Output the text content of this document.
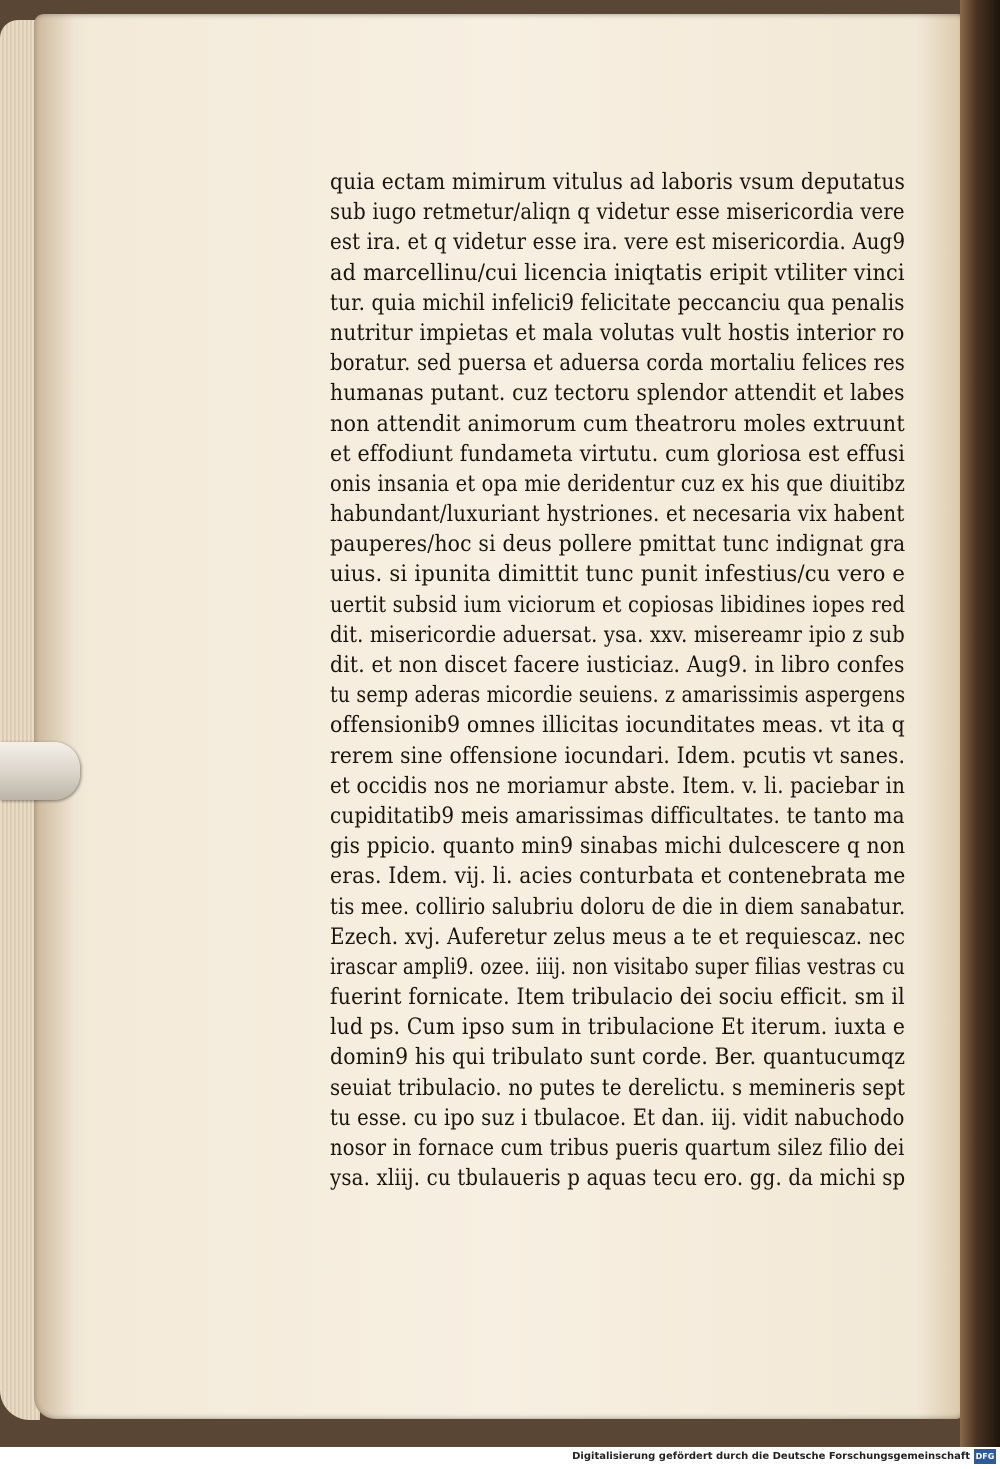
quia ectam mimirum vitulus ad laboris vsum deputatus
sub iugo retmetur/aliqn q videtur esse misericordia vere
est ira. et q videtur esse ira. vere est misericordia. Aug9
ad marcellinu/cui licencia iniqtatis eripit vtiliter vinci
tur. quia michil infelici9 felicitate peccanciu qua penalis
nutritur impietas et mala volutas vult hostis interior ro
boratur. sed puersa et aduersa corda mortaliu felices res
humanas putant. cuz tectoru splendor attendit et labes
non attendit animorum cum theatroru moles extruunt
et effodiunt fundameta virtutu. cum gloriosa est effusi
onis insania et opa mie deridentur cuz ex his que diuitibz
habundant/luxuriant hystriones. et necesaria vix habent
pauperes/hoc si deus pollere pmittat tunc indignat gra
uius. si ipunita dimittit tunc punit infestius/cu vero e
uertit subsid ium viciorum et copiosas libidines iopes red
dit. misericordie aduersat. ysa. xxv. misereamr ipio z sub
dit. et non discet facere iusticiaz. Aug9. in libro confes
tu semp aderas micordie seuiens. z amarissimis aspergens
offensionib9 omnes illicitas iocunditates meas. vt ita q
rerem sine offensione iocundari. Idem. pcutis vt sanes.
et occidis nos ne moriamur abste. Item. v. li. paciebar in
cupiditatib9 meis amarissimas difficultates. te tanto ma
gis ppicio. quanto min9 sinabas michi dulcescere q non
eras. Idem. vij. li. acies conturbata et contenebrata me
tis mee. collirio salubriu doloru de die in diem sanabatur.
Ezech. xvj. Auferetur zelus meus a te et requiescaz. nec
irascar ampli9. ozee. iiij. non visitabo super filias vestras cu
fuerint fornicate. Item tribulacio dei sociu efficit. sm il
lud ps. Cum ipso sum in tribulacione Et iterum. iuxta e
domin9 his qui tribulato sunt corde. Ber. quantucumqz
seuiat tribulacio. no putes te derelictu. s memineris sept
tu esse. cu ipo suz i tbulacoe. Et dan. iij. vidit nabuchodo
nosor in fornace cum tribus pueris quartum silez filio dei
ysa. xliij. cu tbulaueris p aquas tecu ero. gg. da michi sp
Digitalisierung gefördert durch die Deutsche Forschungsgemeinschaft DFG
